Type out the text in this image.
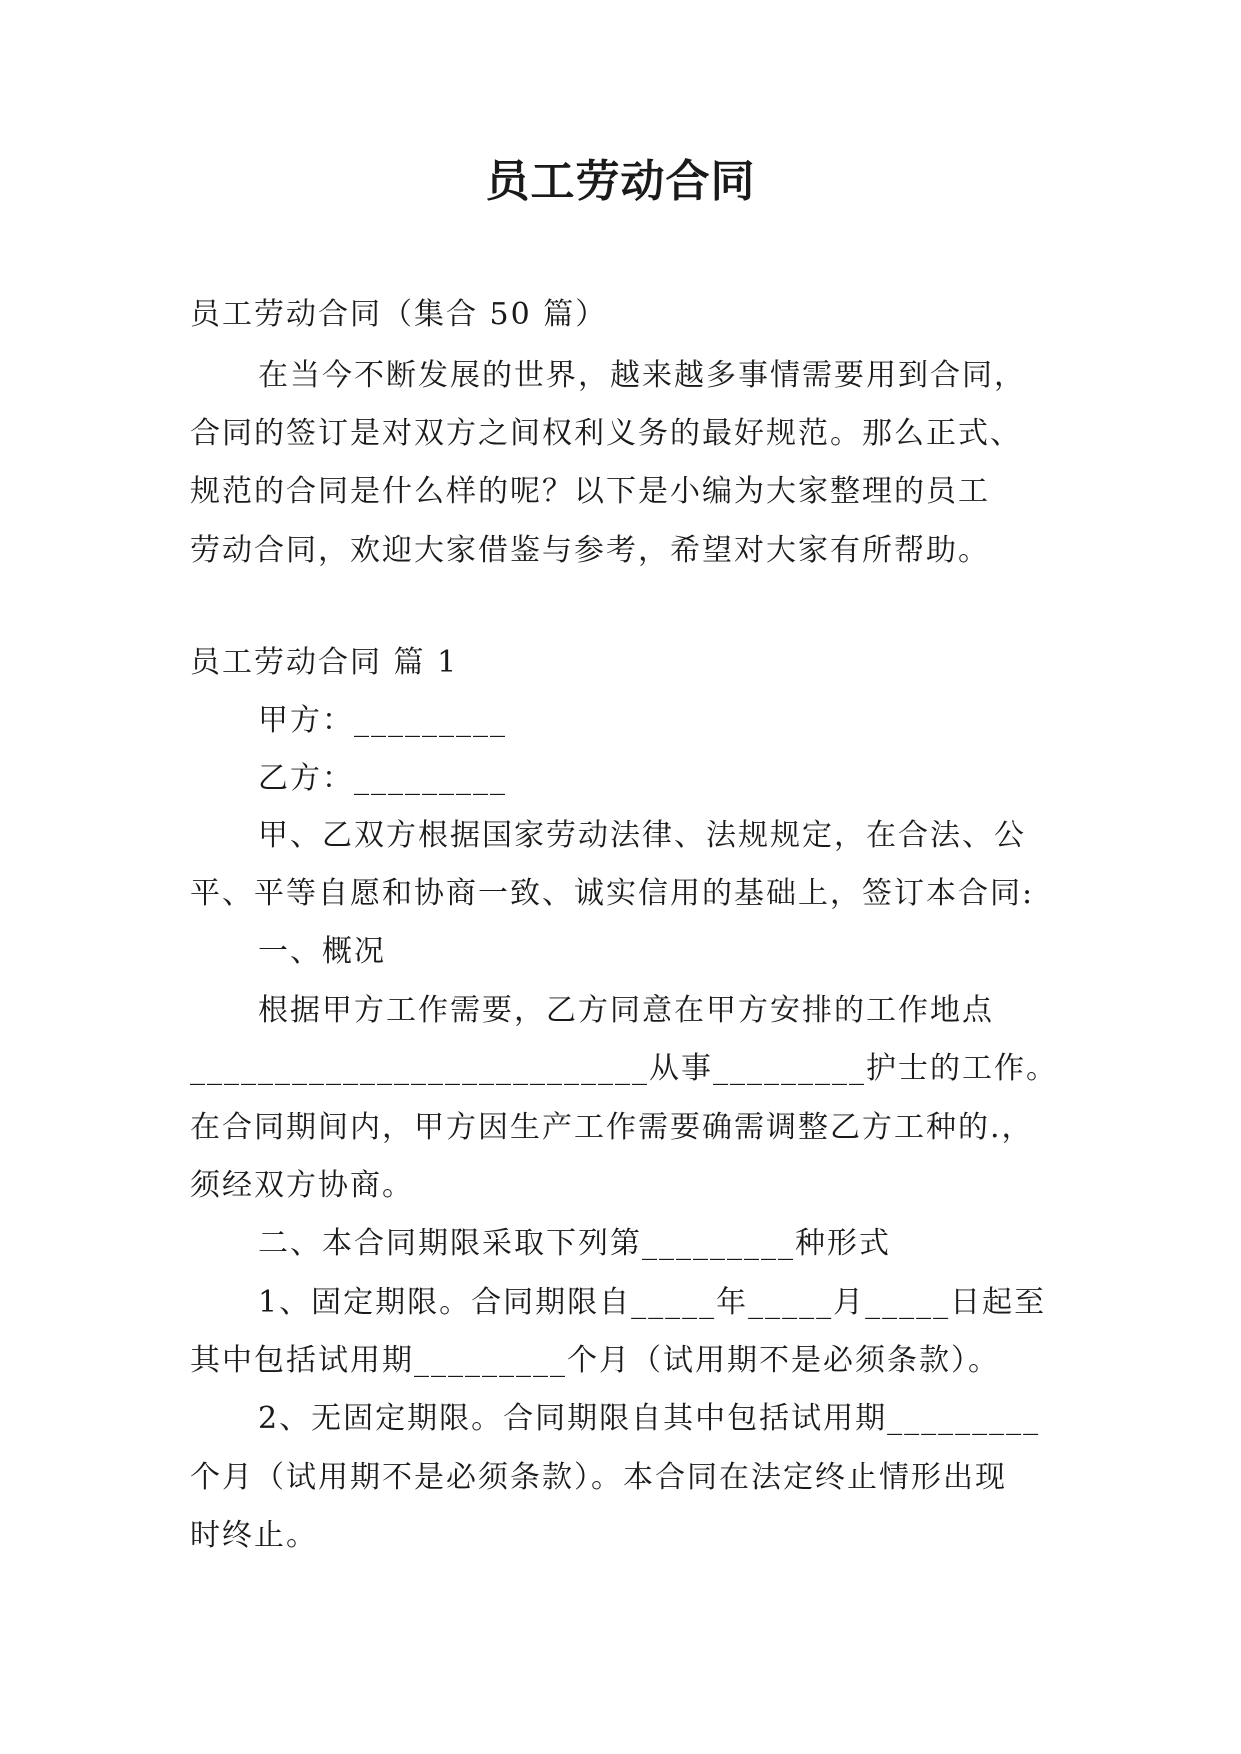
员工劳动合同
员工劳动合同（集合 50 篇）
在当今不断发展的世界，越来越多事情需要用到合同，
合同的签订是对双方之间权利义务的最好规范。那么正式、
规范的合同是什么样的呢？以下是小编为大家整理的员工
劳动合同，欢迎大家借鉴与参考，希望对大家有所帮助。
员工劳动合同 篇 1
甲方：_________
乙方：_________
甲、乙双方根据国家劳动法律、法规规定，在合法、公
平、平等自愿和协商一致、诚实信用的基础上，签订本合同:
一、概况
根据甲方工作需要，乙方同意在甲方安排的工作地点
___________________________从事_________护士的工作。
在合同期间内，甲方因生产工作需要确需调整乙方工种的.，
须经双方协商。
二、本合同期限采取下列第_________种形式
1、固定期限。合同期限自_____年_____月_____日起至
其中包括试用期_________个月（试用期不是必须条款）。
2、无固定期限。合同期限自其中包括试用期_________
个月（试用期不是必须条款）。本合同在法定终止情形出现
时终止。
